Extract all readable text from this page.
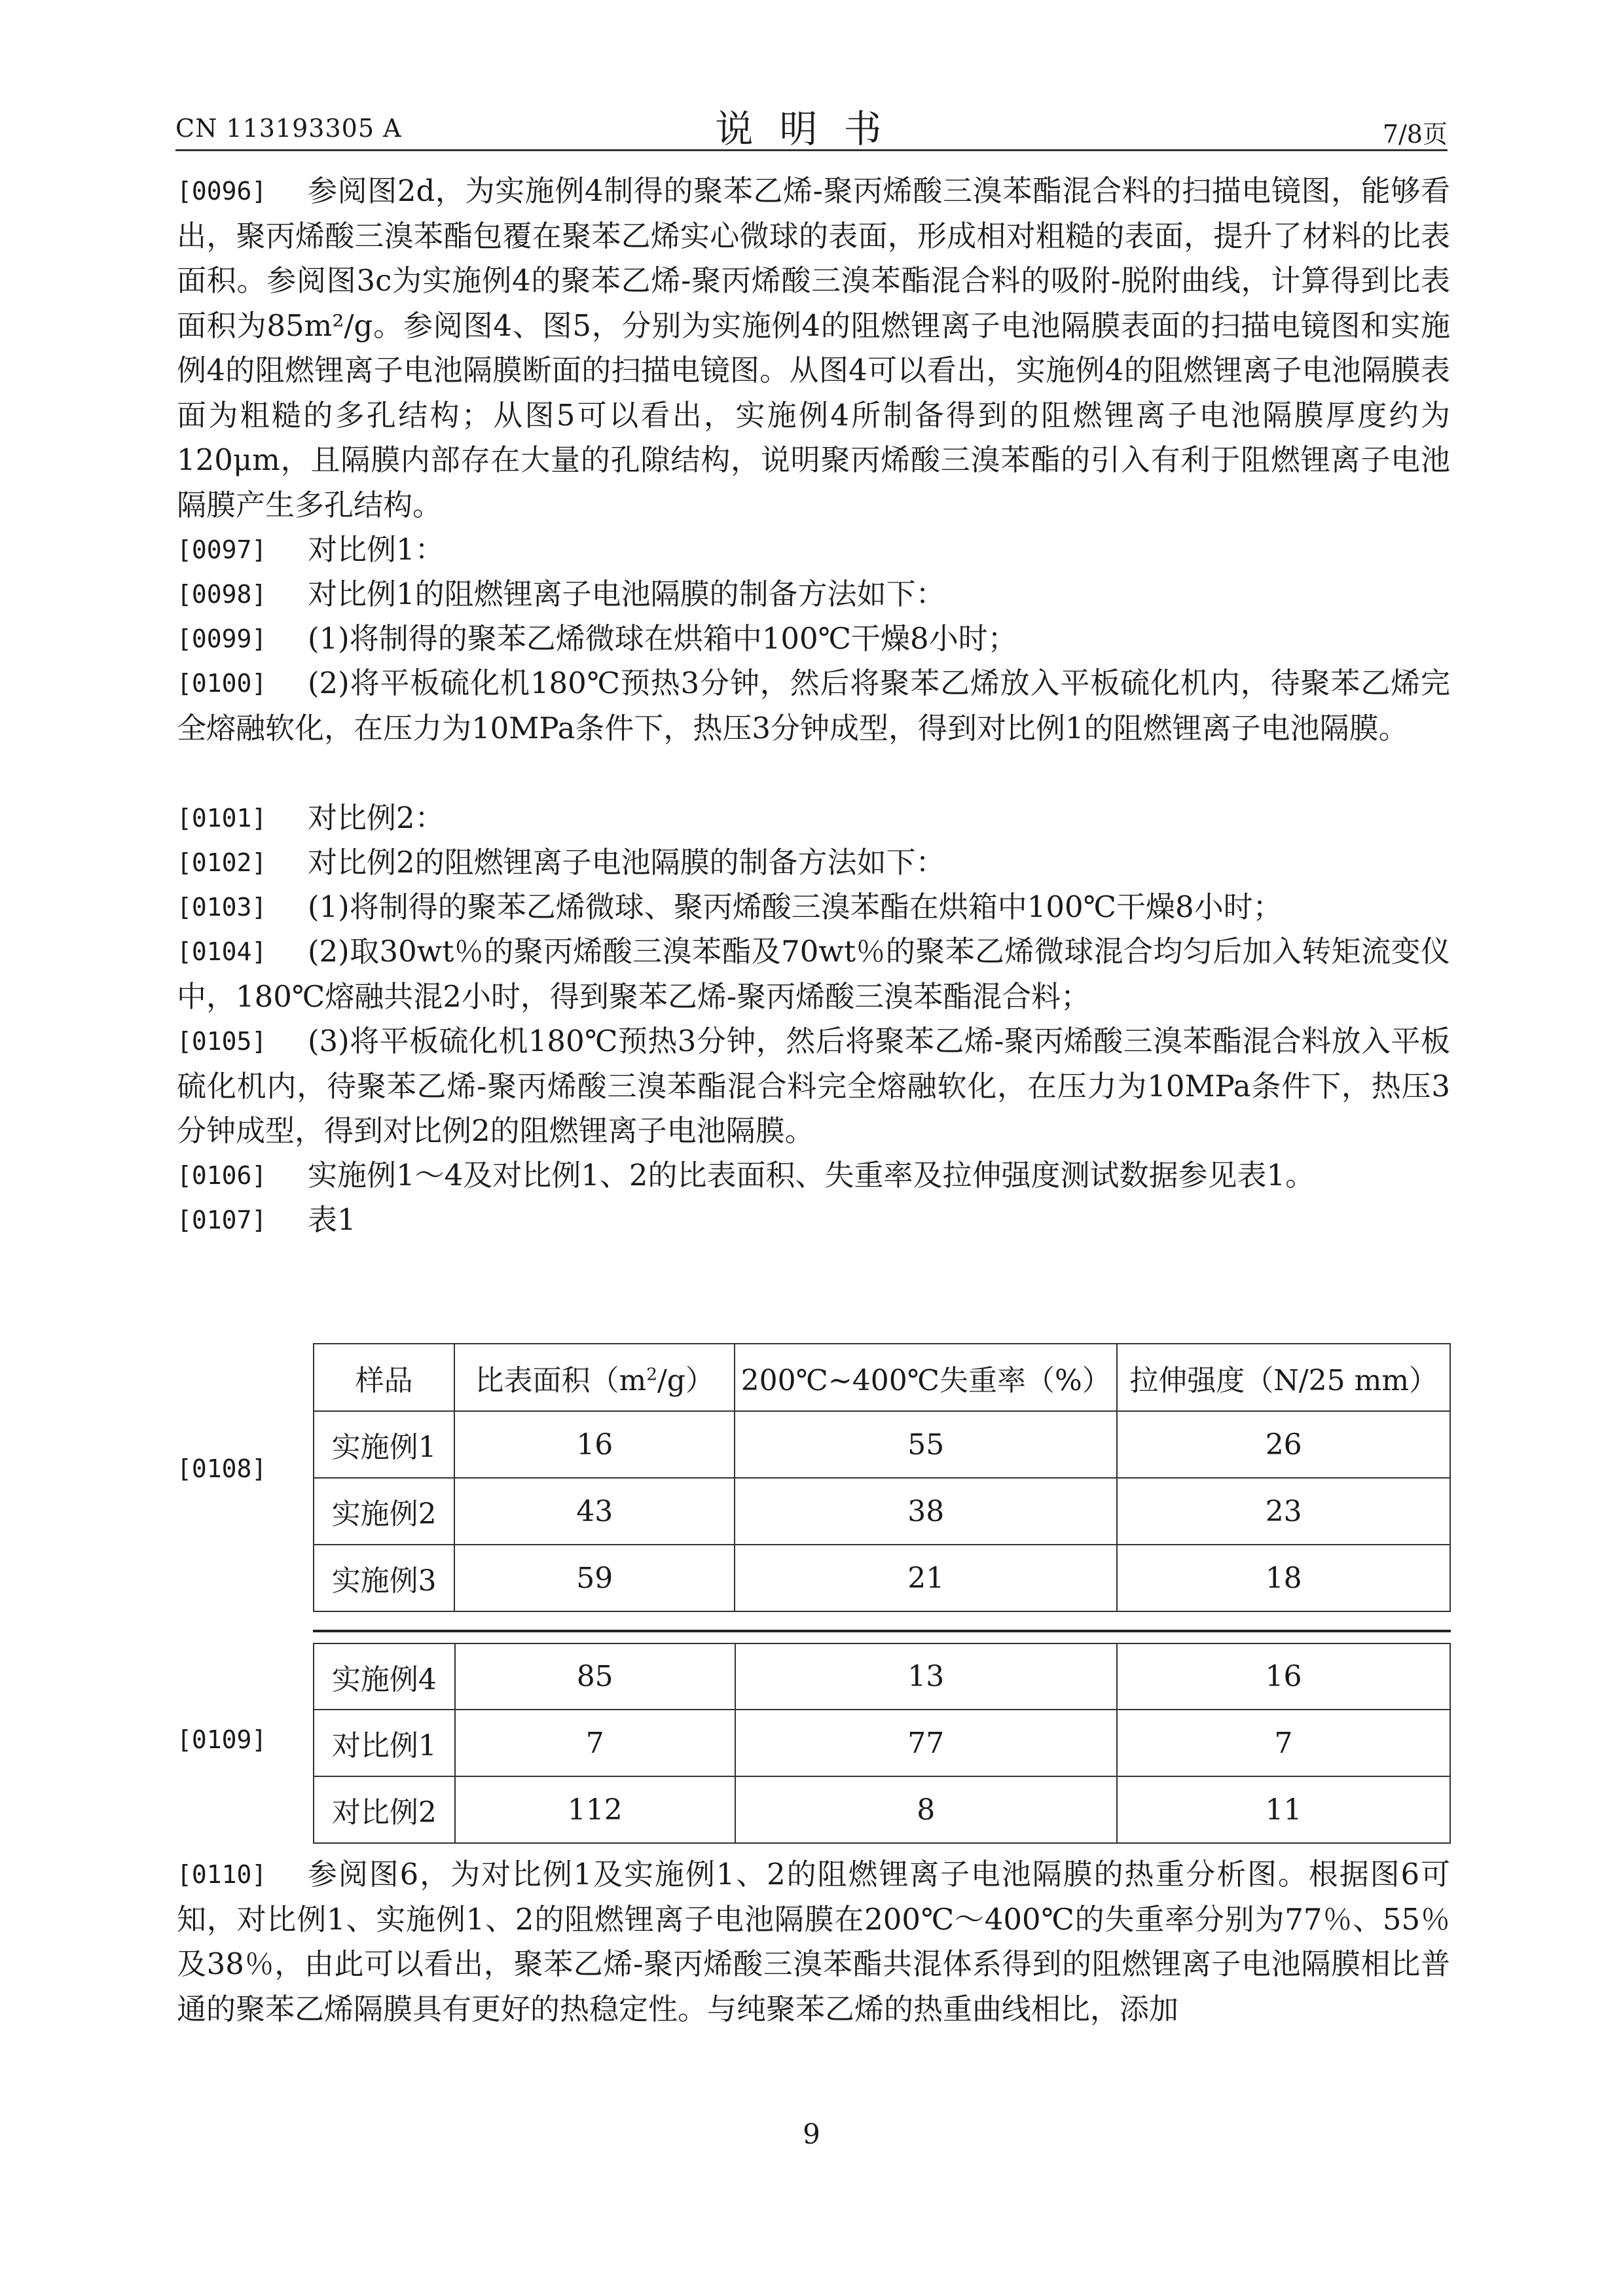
CN 113193305 A	说明书	7/8页
[0096]	参阅图2d，为实施例4制得的聚苯乙烯-聚丙烯酸三溴苯酯混合料的扫描电镜图，能够看出，聚丙烯酸三溴苯酯包覆在聚苯乙烯实心微球的表面，形成相对粗糙的表面，提升了材料的比表面积。参阅图3c为实施例4的聚苯乙烯-聚丙烯酸三溴苯酯混合料的吸附-脱附曲线，计算得到比表面积为85m²/g。参阅图4、图5，分别为实施例4的阻燃锂离子电池隔膜表面的扫描电镜图和实施例4的阻燃锂离子电池隔膜断面的扫描电镜图。从图4可以看出，实施例4的阻燃锂离子电池隔膜表面为粗糙的多孔结构；从图5可以看出，实施例4所制备得到的阻燃锂离子电池隔膜厚度约为120μm，且隔膜内部存在大量的孔隙结构，说明聚丙烯酸三溴苯酯的引入有利于阻燃锂离子电池隔膜产生多孔结构。
[0097]	对比例1：
[0098]	对比例1的阻燃锂离子电池隔膜的制备方法如下：
[0099]	(1)将制得的聚苯乙烯微球在烘箱中100℃干燥8小时；
[0100]	(2)将平板硫化机180℃预热3分钟，然后将聚苯乙烯放入平板硫化机内，待聚苯乙烯完全熔融软化，在压力为10MPa条件下，热压3分钟成型，得到对比例1的阻燃锂离子电池隔膜。
[0101]	对比例2：
[0102]	对比例2的阻燃锂离子电池隔膜的制备方法如下：
[0103]	(1)将制得的聚苯乙烯微球、聚丙烯酸三溴苯酯在烘箱中100℃干燥8小时；
[0104]	(2)取30wt％的聚丙烯酸三溴苯酯及70wt％的聚苯乙烯微球混合均匀后加入转矩流变仪中，180℃熔融共混2小时，得到聚苯乙烯-聚丙烯酸三溴苯酯混合料；
[0105]	(3)将平板硫化机180℃预热3分钟，然后将聚苯乙烯-聚丙烯酸三溴苯酯混合料放入平板硫化机内，待聚苯乙烯-聚丙烯酸三溴苯酯混合料完全熔融软化，在压力为10MPa条件下，热压3分钟成型，得到对比例2的阻燃锂离子电池隔膜。
[0106]	实施例1～4及对比例1、2的比表面积、失重率及拉伸强度测试数据参见表1。
[0107]	表1
[0108]
样品	比表面积$(m^2/g)$	200℃~400℃失重率（%）	拉伸强度（N/25 mm）
实施例1	16	55	26
实施例2	43	38	23
实施例3	59	21	18
[0109]
实施例4	85	13	16
对比例1	7	77	7
对比例2	112	8	11
[0110]	参阅图6，为对比例1及实施例1、2的阻燃锂离子电池隔膜的热重分析图。根据图6可知，对比例1、实施例1、2的阻燃锂离子电池隔膜在200℃～400℃的失重率分别为77％、55％及38％，由此可以看出，聚苯乙烯-聚丙烯酸三溴苯酯共混体系得到的阻燃锂离子电池隔膜相比普通的聚苯乙烯隔膜具有更好的热稳定性。与纯聚苯乙烯的热重曲线相比，添加
9
